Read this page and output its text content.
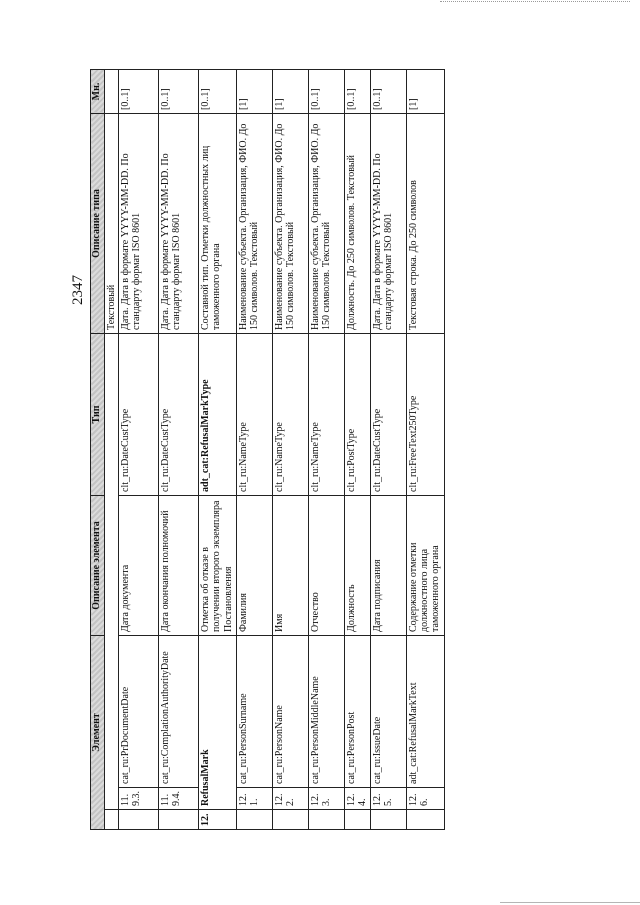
2347
Элемент			Описание элемента	Тип	Описание типа	Мн.
					Текстовый	
	11.9.3.	cat_ru:PrDocumentDate	Дата документа	clt_ru:DateCustType	Дата. Дата в формате YYYY-MM-DD. По стандарту формат ISO 8601	[0..1]
	11.9.4.	cat_ru:ComplationAuthorityDate	Дата окончания полномочий	clt_ru:DateCustType	Дата. Дата в формате YYYY-MM-DD. По стандарту формат ISO 8601	[0..1]
12.	RefusalMark		Отметка об отказе в получении второго экземпляра Постановления	adt_cat:RefusalMarkType	Составной тип. Отметки должностных лиц таможенного органа	[0..1]
	12.1.	cat_ru:PersonSurname	Фамилия	clt_ru:NameType	Наименование субъекта. Организация, ФИО. До 150 символов. Текстовый	[1]
	12.2.	cat_ru:PersonName	Имя	clt_ru:NameType	Наименование субъекта. Организация, ФИО. До 150 символов. Текстовый	[1]
	12.3.	cat_ru:PersonMiddleName	Отчество	clt_ru:NameType	Наименование субъекта. Организация, ФИО. До 150 символов. Текстовый	[0..1]
	12.4.	cat_ru:PersonPost	Должность	clt_ru:PostType	Должность. До 250 символов. Текстовый	[0..1]
	12.5.	cat_ru:IssueDate	Дата подписания	clt_ru:DateCustType	Дата. Дата в формате YYYY-MM-DD. По стандарту формат ISO 8601	[0..1]
	12.6.	adt_cat:RefusalMarkText	Содержание отметки должностного лица таможенного органа	clt_ru:FreeText250Type	Текстовая строка. До 250 символов	[1]
